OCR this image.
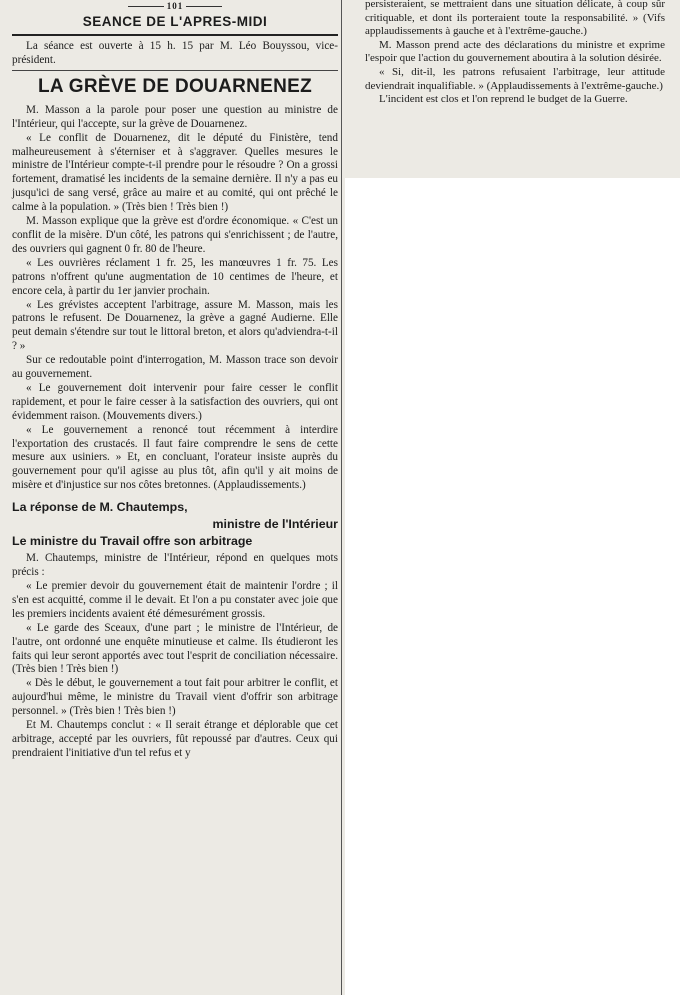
101
SEANCE DE L'APRES-MIDI

La séance est ouverte à 15 h. 15 par M. Léo Bouyssou, vice-président.

LA GRÈVE DE DOUARNENEZ

M. Masson a la parole pour poser une question au ministre de l'Intérieur, qui l'accepte, sur la grève de Douarnenez.

« Le conflit de Douarnenez, dit le député du Finistère, tend malheureusement à s'éterniser et à s'aggraver. Quelles mesures le ministre de l'Intérieur compte-t-il prendre pour le résoudre ? On a grossi fortement, dramatisé les incidents de la semaine dernière. Il n'y a pas eu jusqu'ici de sang versé, grâce au maire et au comité, qui ont prêché le calme à la population. » (Très bien ! Très bien !)

M. Masson explique que la grève est d'ordre économique. « C'est un conflit de la misère. D'un côté, les patrons qui s'enrichissent ; de l'autre, des ouvriers qui gagnent 0 fr. 80 de l'heure.

« Les ouvrières réclament 1 fr. 25, les manœuvres 1 fr. 75. Les patrons n'offrent qu'une augmentation de 10 centimes de l'heure, et encore cela, à partir du 1er janvier prochain.

« Les grévistes acceptent l'arbitrage, assure M. Masson, mais les patrons le refusent. De Douarnenez, la grève a gagné Audierne. Elle peut demain s'étendre sur tout le littoral breton, et alors qu'adviendra-t-il ? »

Sur ce redoutable point d'interrogation, M. Masson trace son devoir au gouvernement.

« Le gouvernement doit intervenir pour faire cesser le conflit rapidement, et pour le faire cesser à la satisfaction des ouvriers, qui ont évidemment raison. (Mouvements divers.)

« Le gouvernement a renoncé tout récemment à interdire l'exportation des crustacés. Il faut faire comprendre le sens de cette mesure aux usiniers. » Et, en concluant, l'orateur insiste auprès du gouvernement pour qu'il agisse au plus tôt, afin qu'il y ait moins de misère et d'injustice sur nos côtes bretonnes. (Applaudissements.)

La réponse de M. Chautemps,
ministre de l'Intérieur
Le ministre du Travail offre son arbitrage

M. Chautemps, ministre de l'Intérieur, répond en quelques mots précis :

« Le premier devoir du gouvernement était de maintenir l'ordre ; il s'en est acquitté, comme il le devait. Et l'on a pu constater avec joie que les premiers incidents avaient été démesurément grossis.

« Le garde des Sceaux, d'une part ; le ministre de l'Intérieur, de l'autre, ont ordonné une enquête minutieuse et calme. Ils étudieront les faits qui leur seront apportés avec tout l'esprit de conciliation nécessaire. (Très bien ! Très bien !)

« Dès le début, le gouvernement a tout fait pour arbitrer le conflit, et aujourd'hui même, le ministre du Travail vient d'offrir son arbitrage personnel. » (Très bien ! Très bien !)

Et M. Chautemps conclut : « Il serait étrange et déplorable que cet arbitrage, accepté par les ouvriers, fût repoussé par d'autres. Ceux qui prendraient l'initiative d'un tel refus et y

persisteraient, se mettraient dans une situation délicate, à coup sûr critiquable, et dont ils porteraient toute la responsabilité. » (Vifs applaudissements à gauche et à l'extrême-gauche.)

M. Masson prend acte des déclarations du ministre et exprime l'espoir que l'action du gouvernement aboutira à la solution désirée.

« Si, dit-il, les patrons refusaient l'arbitrage, leur attitude deviendrait inqualifiable. » (Applaudissements à l'extrême-gauche.)

L'incident est clos et l'on reprend le budget de la Guerre.
